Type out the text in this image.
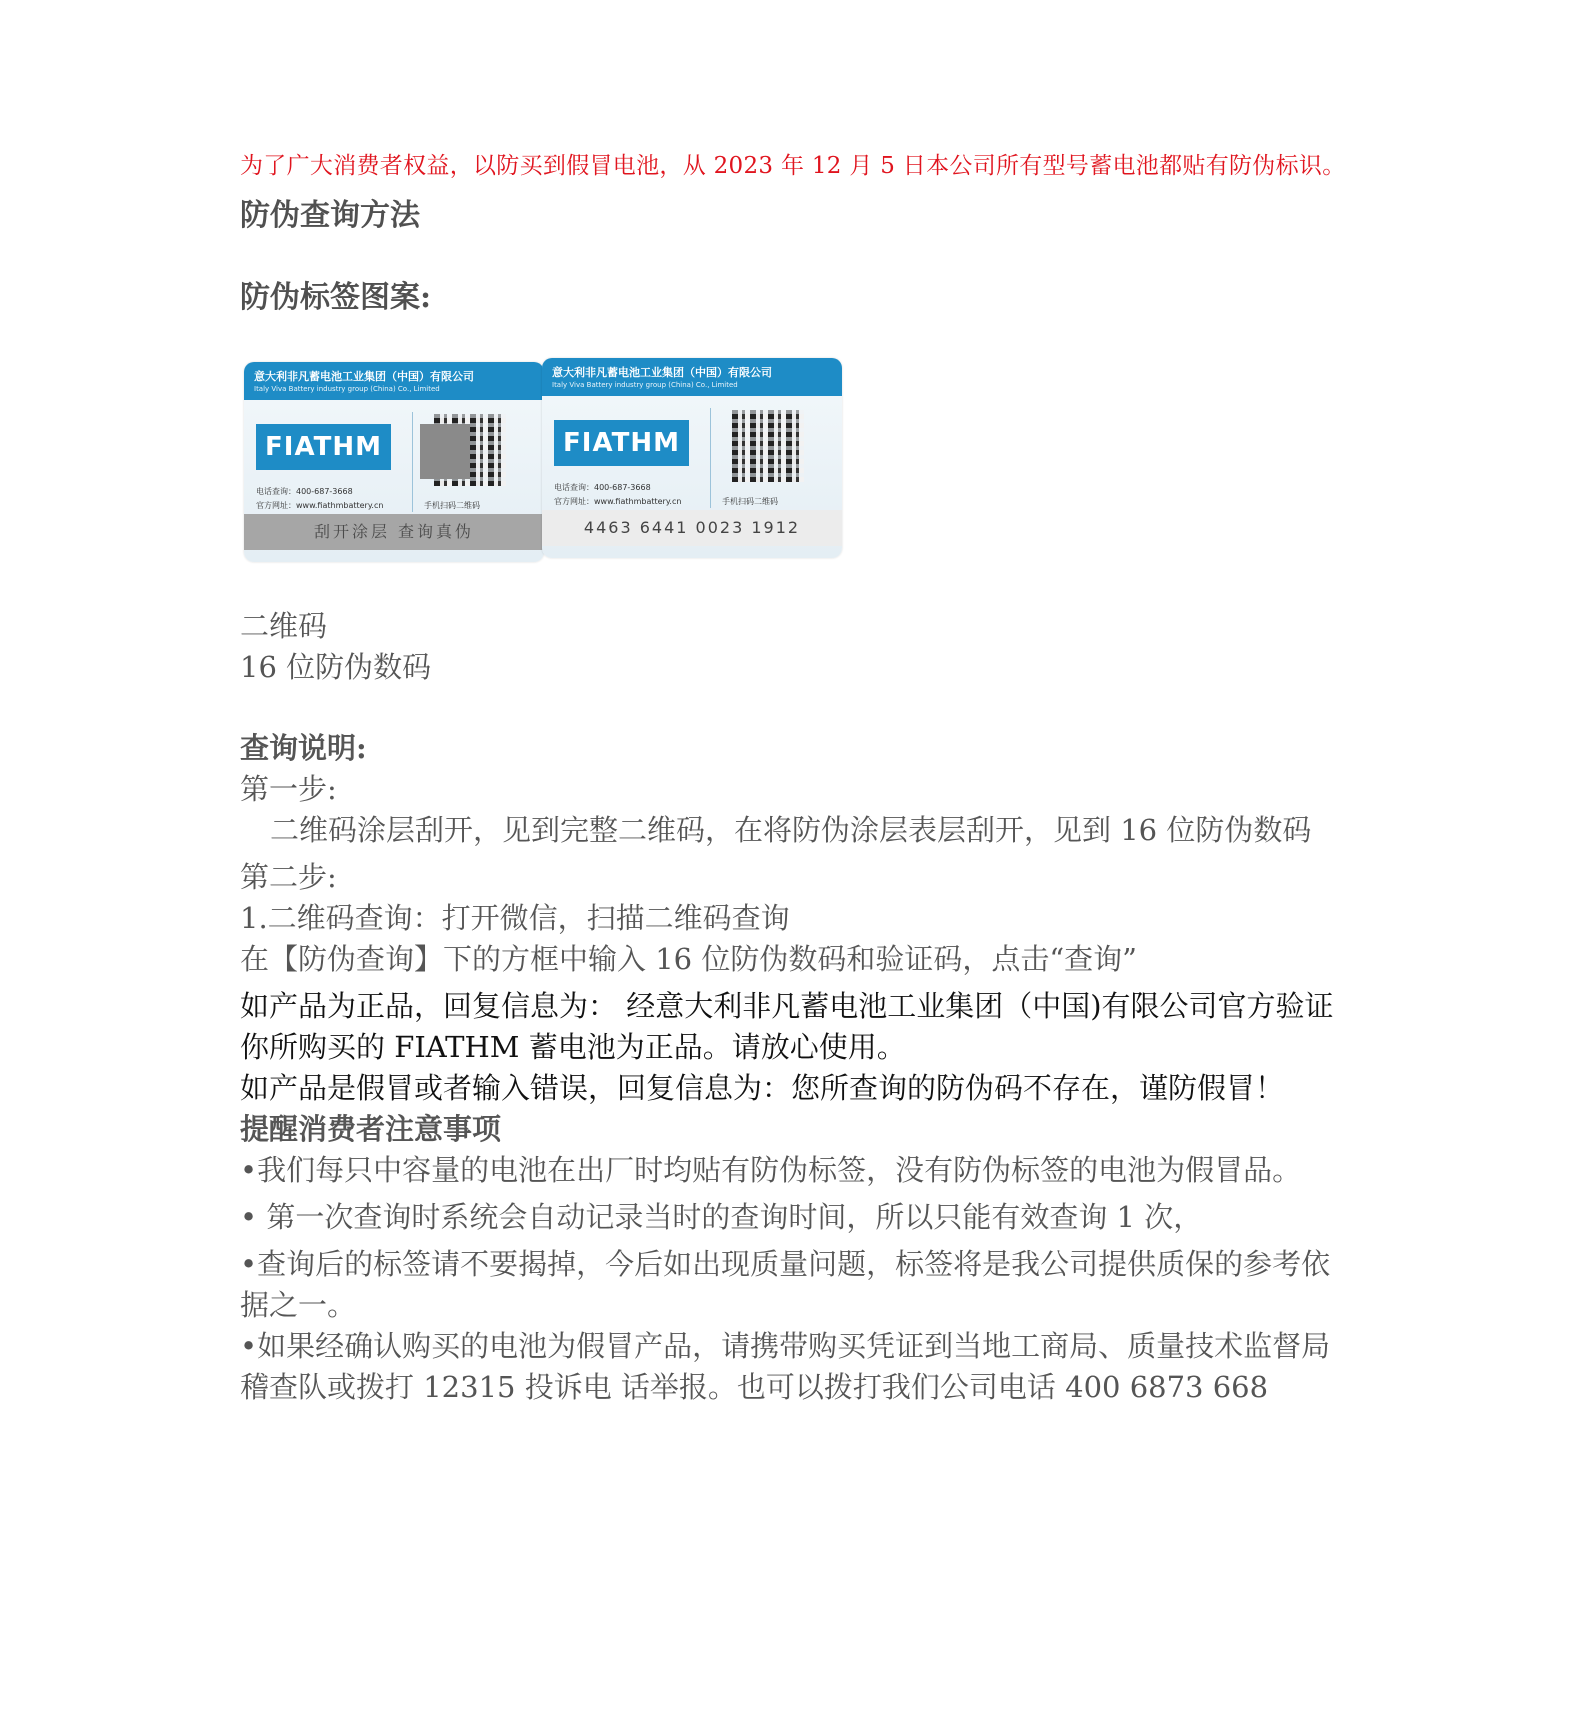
为了广大消费者权益，以防买到假冒电池，从 2023 年 12 月 5 日本公司所有型号蓄电池都贴有防伪标识。
防伪查询方法
防伪标签图案:
意大利非凡蓄电池工业集团（中国）有限公司
Italy Viva Battery industry group (China) Co., Limited
FIATHM
电话查询：400-687-3668
官方网址：www.fiathmbattery.cn	手机扫码二维码
刮开涂层 查询真伪
意大利非凡蓄电池工业集团（中国）有限公司
Italy Viva Battery industry group (China) Co., Limited
FIATHM
电话查询：400-687-3668
官方网址：www.fiathmbattery.cn	手机扫码二维码
4463 6441 0023 1912
二维码
16 位防伪数码
查询说明:
第一步:
二维码涂层刮开，见到完整二维码，在将防伪涂层表层刮开，见到 16 位防伪数码
第二步:
1.二维码查询：打开微信，扫描二维码查询
在【防伪查询】下的方框中输入 16 位防伪数码和验证码，点击“查询”
如产品为正品，回复信息为： 经意大利非凡蓄电池工业集团（中国)有限公司官方验证你所购买的 FIATHM 蓄电池为正品。请放心使用。
如产品是假冒或者输入错误，回复信息为：您所查询的防伪码不存在，谨防假冒！
提醒消费者注意事项
•我们每只中容量的电池在出厂时均贴有防伪标签，没有防伪标签的电池为假冒品。
• 第一次查询时系统会自动记录当时的查询时间，所以只能有效查询 1 次，
•查询后的标签请不要揭掉，今后如出现质量问题，标签将是我公司提供质保的参考依据之一。
•如果经确认购买的电池为假冒产品，请携带购买凭证到当地工商局、质量技术监督局稽查队或拨打 12315 投诉电 话举报。也可以拨打我们公司电话 400 6873 668
